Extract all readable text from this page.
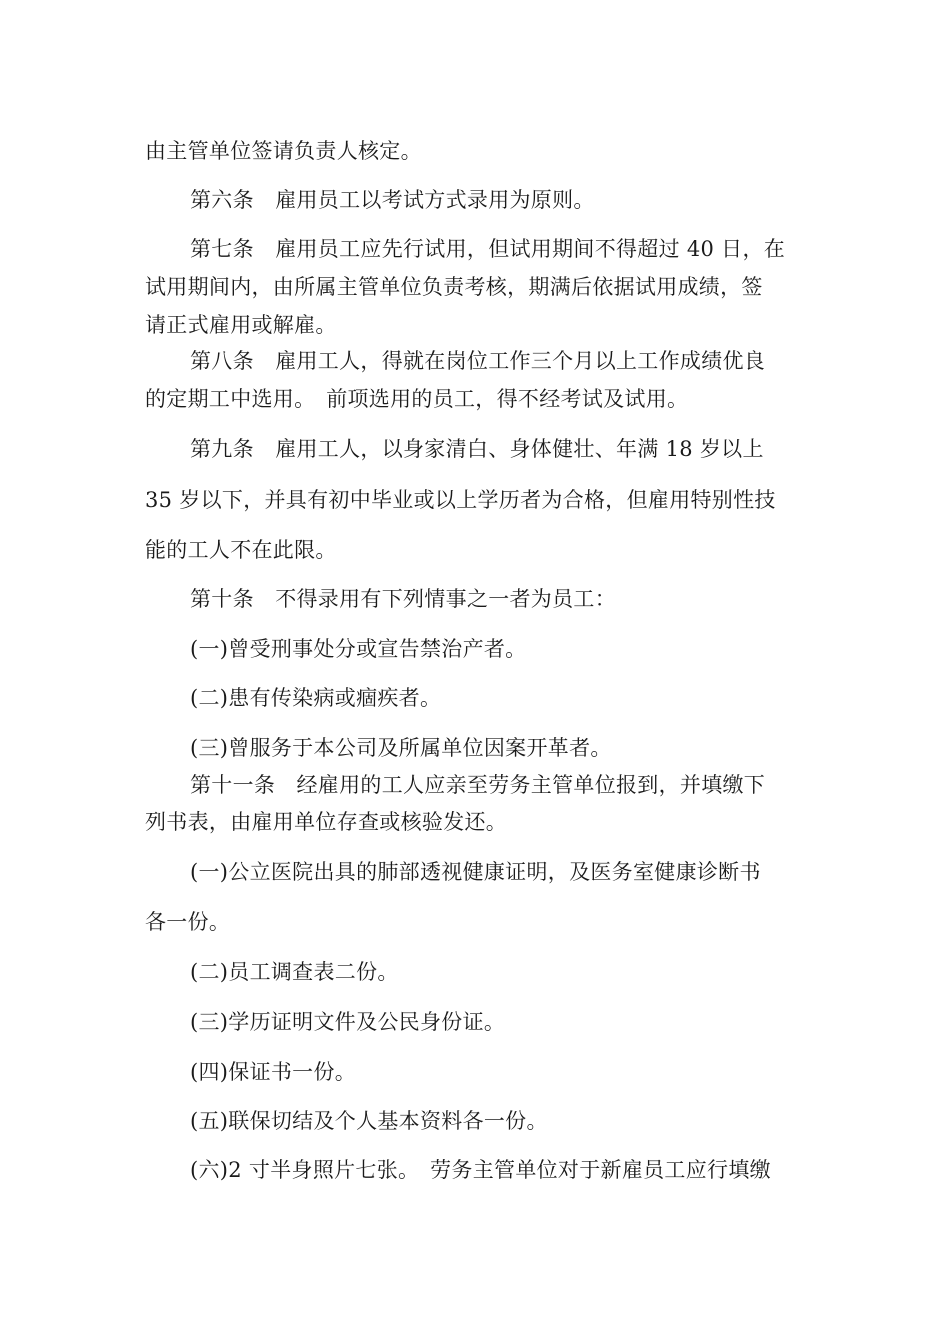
由主管单位签请负责人核定。
第六条　雇用员工以考试方式录用为原则。
第七条　雇用员工应先行试用，但试用期间不得超过 40 日，在
试用期间内，由所属主管单位负责考核，期满后依据试用成绩，签
请正式雇用或解雇。
第八条　雇用工人，得就在岗位工作三个月以上工作成绩优良
的定期工中选用。　前项选用的员工，得不经考试及试用。
第九条　雇用工人，以身家清白、身体健壮、年满 18 岁以上
35 岁以下，并具有初中毕业或以上学历者为合格，但雇用特别性技
能的工人不在此限。
第十条　不得录用有下列情事之一者为员工：
(一)曾受刑事处分或宣告禁治产者。
(二)患有传染病或痼疾者。
(三)曾服务于本公司及所属单位因案开革者。
第十一条　经雇用的工人应亲至劳务主管单位报到，并填缴下
列书表，由雇用单位存查或核验发还。
(一)公立医院出具的肺部透视健康证明，及医务室健康诊断书
各一份。
(二)员工调查表二份。
(三)学历证明文件及公民身份证。
(四)保证书一份。
(五)联保切结及个人基本资料各一份。
(六)2 寸半身照片七张。　劳务主管单位对于新雇员工应行填缴
